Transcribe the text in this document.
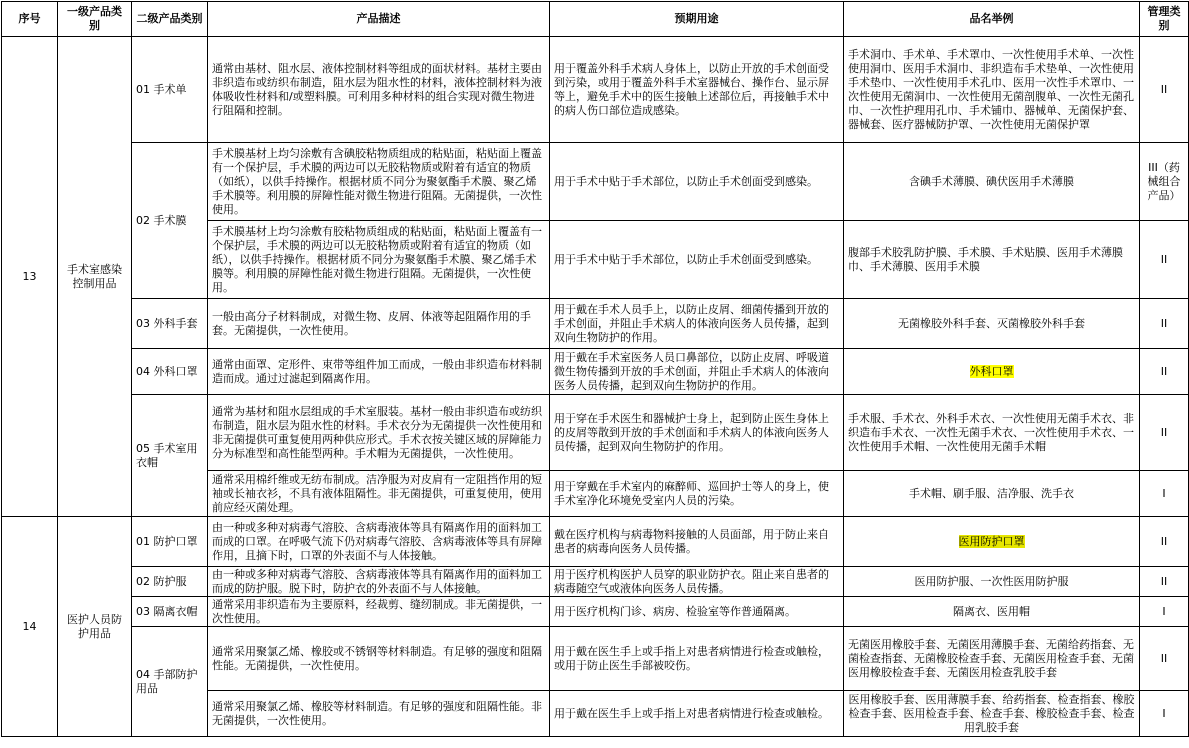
序号	一级产品类别	二级产品类别	产品描述	预期用途	品名举例	管理类别
13	手术室感染控制用品	01 手术单	通常由基材、阻水层、液体控制材料等组成的面状材料。基材主要由非织造布或纺织布制造，阻水层为阻水性的材料，液体控制材料为液体吸收性材料和/或塑料膜。可利用多种材料的组合实现对微生物进行阻隔和控制。	用于覆盖外科手术病人身体上，以防止开放的手术创面受到污染，或用于覆盖外科手术室器械台、操作台、显示屏等上，避免手术中的医生接触上述部位后，再接触手术中的病人伤口部位造成感染。	手术洞巾、手术单、手术罩巾、一次性使用手术单、一次性使用洞巾、医用手术洞巾、非织造布手术垫单、一次性使用手术垫巾、一次性使用手术孔巾、医用一次性手术罩巾、一次性使用无菌洞巾、一次性使用无菌剖腹单、一次性无菌孔巾、一次性护理用孔巾、手术铺巾、器械单、无菌保护套、器械套、医疗器械防护罩、一次性使用无菌保护罩	II
		02 手术膜	手术膜基材上均匀涂敷有含碘胶粘物质组成的粘贴面，粘贴面上覆盖有一个保护层，手术膜的两边可以无胶粘物质或附着有适宜的物质（如纸），以供手持操作。根据材质不同分为聚氨酯手术膜、聚乙烯手术膜等。利用膜的屏障性能对微生物进行阻隔。无菌提供，一次性使用。	用于手术中贴于手术部位，以防止手术创面受到感染。	含碘手术薄膜、碘伏医用手术薄膜	III（药械组合产品）
			手术膜基材上均匀涂敷有胶粘物质组成的粘贴面，粘贴面上覆盖有一个保护层，手术膜的两边可以无胶粘物质或附着有适宜的物质（如纸），以供手持操作。根据材质不同分为聚氨酯手术膜、聚乙烯手术膜等。利用膜的屏障性能对微生物进行阻隔。无菌提供，一次性使用。	用于手术中贴于手术部位，以防止手术创面受到感染。	腹部手术胶乳防护膜、手术膜、手术贴膜、医用手术薄膜巾、手术薄膜、医用手术膜	II
		03 外科手套	一般由高分子材料制成，对微生物、皮屑、体液等起阻隔作用的手套。无菌提供，一次性使用。	用于戴在手术人员手上，以防止皮屑、细菌传播到开放的手术创面，并阻止手术病人的体液向医务人员传播，起到双向生物防护的作用。	无菌橡胶外科手套、灭菌橡胶外科手套	II
		04 外科口罩	通常由面罩、定形件、束带等组件加工而成，一般由非织造布材料制造而成。通过过滤起到隔离作用。	用于戴在手术室医务人员口鼻部位，以防止皮屑、呼吸道微生物传播到开放的手术创面，并阻止手术病人的体液向医务人员传播，起到双向生物防护的作用。	外科口罩	II
		05 手术室用衣帽	通常为基材和阻水层组成的手术室服装。基材一般由非织造布或纺织布制造，阻水层为阻水性的材料。手术衣分为无菌提供一次性使用和非无菌提供可重复使用两种供应形式。手术衣按关键区域的屏障能力分为标准型和高性能型两种。手术帽为无菌提供，一次性使用。	用于穿在手术医生和器械护士身上，起到防止医生身体上的皮屑等散到开放的手术创面和手术病人的体液向医务人员传播，起到双向生物防护的作用。	手术服、手术衣、外科手术衣、一次性使用无菌手术衣、非织造布手术衣、一次性无菌手术衣、一次性使用手术衣、一次性使用手术帽、一次性使用无菌手术帽	II
			通常采用棉纤维或无纺布制成。洁净服为对皮肩有一定阻挡作用的短袖或长袖衣衫，不具有液体阻隔性。非无菌提供，可重复使用，使用前应经灭菌处理。	用于穿戴在手术室内的麻醉师、巡回护士等人的身上，使手术室净化环境免受室内人员的污染。	手术帽、刷手服、洁净服、洗手衣	I
14	医护人员防护用品	01 防护口罩	由一种或多种对病毒气溶胶、含病毒液体等具有隔离作用的面料加工而成的口罩。在呼吸气流下仍对病毒气溶胶、含病毒液体等具有屏障作用，且摘下时，口罩的外表面不与人体接触。	戴在医疗机构与病毒物料接触的人员面部，用于防止来自患者的病毒向医务人员传播。	医用防护口罩	II
		02 防护服	由一种或多种对病毒气溶胶、含病毒液体等具有隔离作用的面料加工而成的防护服。脱下时，防护衣的外表面不与人体接触。	用于医疗机构医护人员穿的职业防护衣。阻止来自患者的病毒随空气或液体向医务人员传播。	医用防护服、一次性医用防护服	II
		03 隔离衣帽	通常采用非织造布为主要原料，经裁剪、缝纫制成。非无菌提供，一次性使用。	用于医疗机构门诊、病房、检验室等作普通隔离。	隔离衣、医用帽	I
		04 手部防护用品	通常采用聚氯乙烯、橡胶或不锈钢等材料制造。有足够的强度和阻隔性能。无菌提供，一次性使用。	用于戴在医生手上或手指上对患者病情进行检查或触检，或用于防止医生手部被咬伤。	无菌医用橡胶手套、无菌医用薄膜手套、无菌给药指套、无菌检查指套、无菌橡胶检查手套、无菌医用检查手套、无菌医用橡胶检查手套、无菌医用检查乳胶手套	II
			通常采用聚氯乙烯、橡胶等材料制造。有足够的强度和阻隔性能。非无菌提供，一次性使用。	用于戴在医生手上或手指上对患者病情进行检查或触检。	医用橡胶手套、医用薄膜手套、给药指套、检查指套、橡胶检查手套、医用检查手套、检查手套、橡胶检查手套、检查用乳胶手套	I
